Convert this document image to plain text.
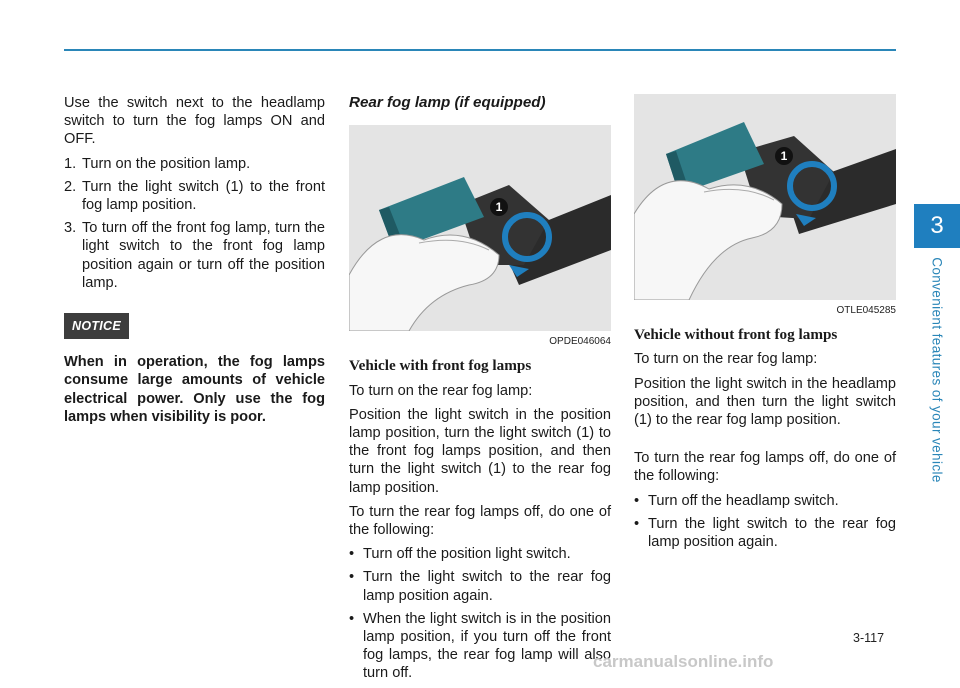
Use the switch next to the headlamp switch to turn the fog lamps ON and OFF.

1. Turn on the position lamp.
2. Turn the light switch (1) to the front fog lamp position.
3. To turn off the front fog lamp, turn the light switch to the front fog lamp position again or turn off the position lamp.
NOTICE

When in operation, the fog lamps consume large amounts of vehicle electrical power. Only use the fog lamps when visibility is poor.

Rear fog lamp (if equipped)
1
OPDE046064
Vehicle with front fog lamps

To turn on the rear fog lamp:

Position the light switch in the position lamp position, turn the light switch (1) to the front fog lamps position, and then turn the light switch (1) to the rear fog lamp position.

To turn the rear fog lamps off, do one of the following:

• Turn off the position light switch.
• Turn the light switch to the rear fog lamp position again.
• When the light switch is in the position lamp position, if you turn off the front fog lamps, the rear fog lamp will also turn off.
1
OTLE045285
Vehicle without front fog lamps

To turn on the rear fog lamp:

Position the light switch in the headlamp position, and then turn the light switch (1) to the rear fog lamp position.

To turn the rear fog lamps off, do one of the following:

• Turn off the headlamp switch.
• Turn the light switch to the rear fog lamp position again.
3
Convenient features of your vehicle
3-117
carmanualsonline.info
